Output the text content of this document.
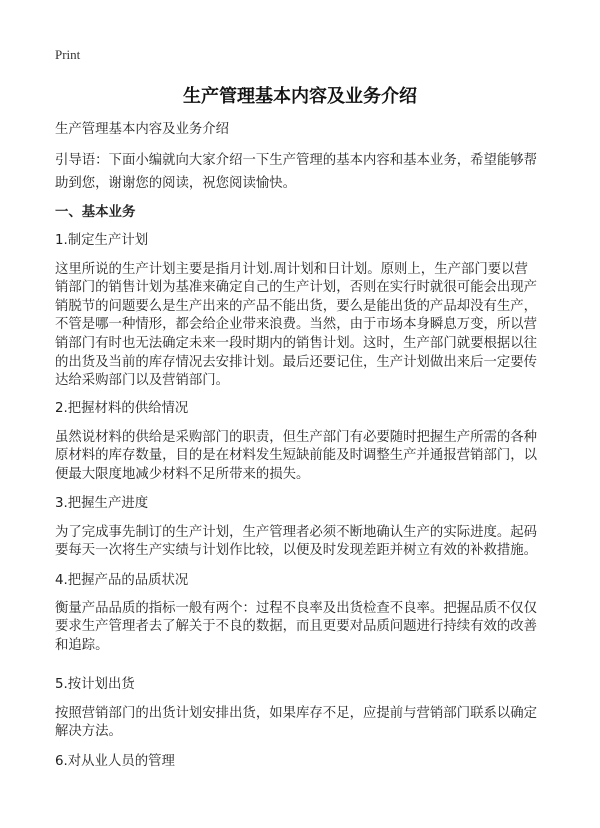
Print
生产管理基本内容及业务介绍
生产管理基本内容及业务介绍
引导语：下面小编就向大家介绍一下生产管理的基本内容和基本业务，希望能够帮
助到您，谢谢您的阅读，祝您阅读愉快。
一、基本业务
1.制定生产计划
这里所说的生产计划主要是指月计划.周计划和日计划。原则上，生产部门要以营
销部门的销售计划为基准来确定自己的生产计划，否则在实行时就很可能会出现产
销脱节的问题要么是生产出来的产品不能出货，要么是能出货的产品却没有生产，
不管是哪一种情形，都会给企业带来浪费。当然，由于市场本身瞬息万变，所以营
销部门有时也无法确定未来一段时期内的销售计划。这时，生产部门就要根据以往
的出货及当前的库存情况去安排计划。最后还要记住，生产计划做出来后一定要传
达给采购部门以及营销部门。
2.把握材料的供给情况
虽然说材料的供给是采购部门的职责，但生产部门有必要随时把握生产所需的各种
原材料的库存数量，目的是在材料发生短缺前能及时调整生产并通报营销部门，以
便最大限度地减少材料不足所带来的损失。
3.把握生产进度
为了完成事先制订的生产计划，生产管理者必须不断地确认生产的实际进度。起码
要每天一次将生产实绩与计划作比较，以便及时发现差距并树立有效的补救措施。
4.把握产品的品质状况
衡量产品品质的指标一般有两个：过程不良率及出货检查不良率。把握品质不仅仅
要求生产管理者去了解关于不良的数据，而且更要对品质问题进行持续有效的改善
和追踪。
5.按计划出货
按照营销部门的出货计划安排出货，如果库存不足，应提前与营销部门联系以确定
解决方法。
6.对从业人员的管理
